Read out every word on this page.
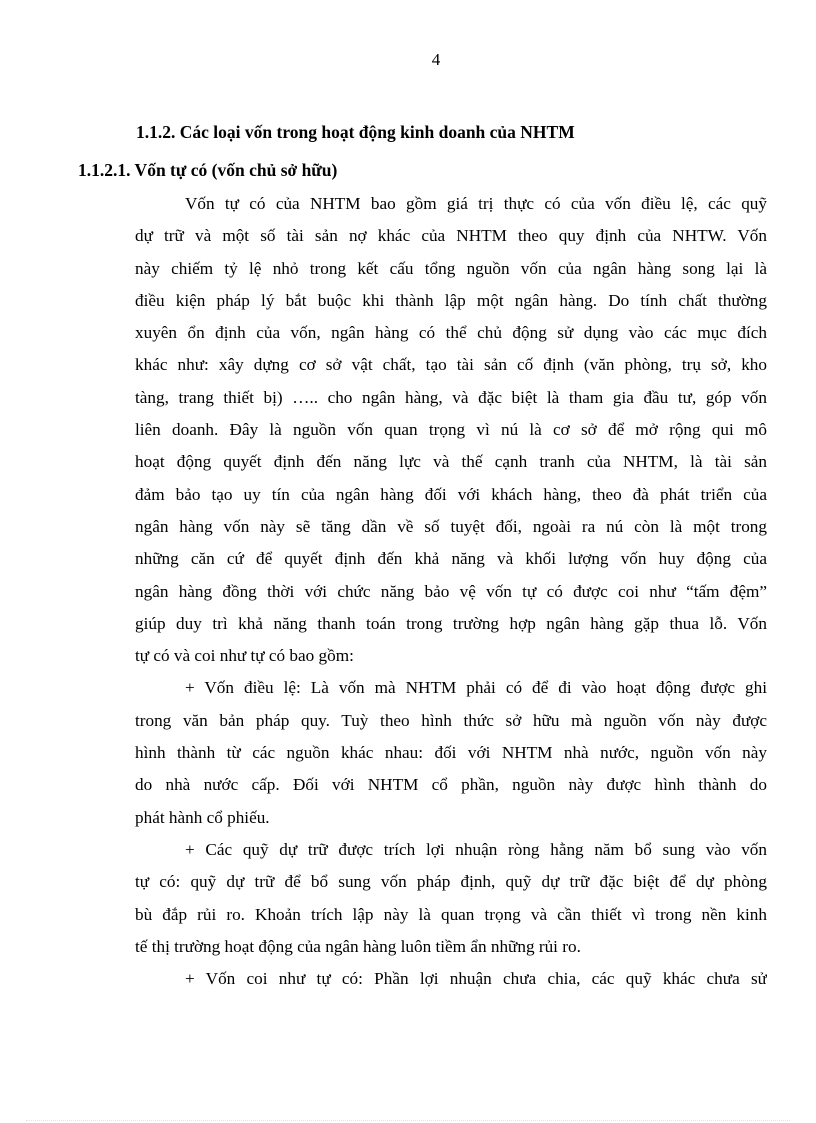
4
1.1.2. Các loại vốn trong hoạt động kinh doanh của NHTM
1.1.2.1. Vốn tự có (vốn chủ sở hữu)
Vốn tự có của NHTM bao gồm giá trị thực có của vốn điều lệ, các quỹ
dự trữ và một số tài sản nợ khác của NHTM theo quy định của NHTW. Vốn
này chiếm tỷ lệ nhỏ trong kết cấu tổng nguồn vốn của ngân hàng song lại là
điều kiện pháp lý bắt buộc khi thành lập một ngân hàng. Do tính chất thường
xuyên ổn định của vốn, ngân hàng có thể chủ động sử dụng vào các mục đích
khác như: xây dựng cơ sở vật chất, tạo tài sản cố định (văn phòng, trụ sở, kho
tàng, trang thiết bị) ….. cho ngân hàng, và đặc biệt là tham gia đầu tư, góp vốn
liên doanh. Đây là nguồn vốn quan trọng vì nú là cơ sở để mở rộng qui mô
hoạt động quyết định đến năng lực và thế cạnh tranh của NHTM, là tài sản
đảm bảo tạo uy tín của ngân hàng đối với khách hàng, theo đà phát triển của
ngân hàng vốn này sẽ tăng dần về số tuyệt đối, ngoài ra nú còn là một trong
những căn cứ để quyết định đến khả năng và khối lượng vốn huy động của
ngân hàng đồng thời với chức năng bảo vệ vốn tự có được coi như “tấm đệm”
giúp duy trì khả năng thanh toán trong trường hợp ngân hàng gặp thua lỗ. Vốn
tự có và coi như tự có bao gồm:
+ Vốn điều lệ: Là vốn mà NHTM phải có để đi vào hoạt động được ghi
trong văn bản pháp quy. Tuỳ theo hình thức sở hữu mà nguồn vốn này được
hình thành từ các nguồn khác nhau: đối với NHTM nhà nước, nguồn vốn này
do nhà nước cấp. Đối với NHTM cổ phần, nguồn này được hình thành do
phát hành cổ phiếu.
+ Các quỹ dự trữ được trích lợi nhuận ròng hằng năm bổ sung vào vốn
tự có: quỹ dự trữ để bổ sung vốn pháp định, quỹ dự trữ đặc biệt để dự phòng
bù đắp rủi ro. Khoản trích lập này là quan trọng và cần thiết vì trong nền kinh
tế thị trường hoạt động của ngân hàng luôn tiềm ẩn những rủi ro.
+ Vốn coi như tự có: Phần lợi nhuận chưa chia, các quỹ khác chưa sử
